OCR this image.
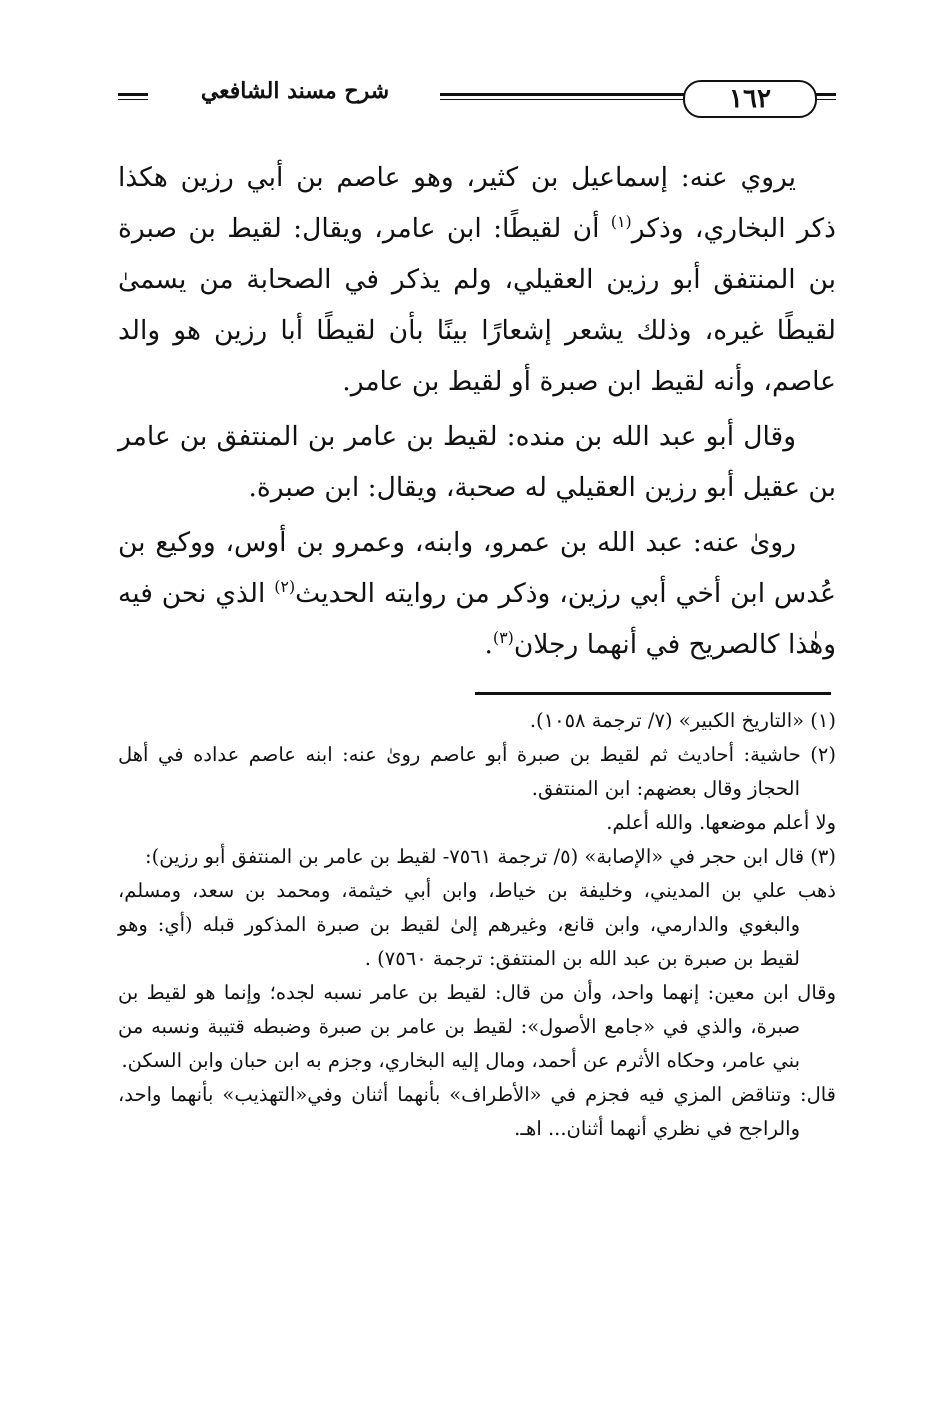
شرح مسند الشافعي	١٦٢

يروي عنه: إسماعيل بن كثير، وهو عاصم بن أبي رزين هكذا ذكر البخاري، وذكر$^{(١)}$ أن لقيطًا: ابن عامر، ويقال: لقيط بن صبرة بن المنتفق أبو رزين العقيلي، ولم يذكر في الصحابة من يسمىٰ لقيطًا غيره، وذلك يشعر إشعارًا بينًا بأن لقيطًا أبا رزين هو والد عاصم، وأنه لقيط ابن صبرة أو لقيط بن عامر.

وقال أبو عبد الله بن منده: لقيط بن عامر بن المنتفق بن عامر بن عقيل أبو رزين العقيلي له صحبة، ويقال: ابن صبرة.

رویٰ عنه: عبد الله بن عمرو، وابنه، وعمرو بن أوس، ووكيع بن عُدس ابن أخي أبي رزين، وذكر من روايته الحديث$^{(٢)}$ الذي نحن فيه وهٰذا كالصريح في أنهما رجلان$^{(٣)}$.

(١) «التاريخ الكبير» (٧/ ترجمة ١٠٥٨).

(٢) حاشية: أحاديث ثم لقيط بن صبرة أبو عاصم رویٰ عنه: ابنه عاصم عداده في أهل الحجاز وقال بعضهم: ابن المنتفق.

ولا أعلم موضعها. والله أعلم.

(٣) قال ابن حجر في «الإصابة» (٥/ ترجمة ٧٥٦١- لقيط بن عامر بن المنتفق أبو رزين):

ذهب علي بن المديني، وخليفة بن خياط، وابن أبي خيثمة، ومحمد بن سعد، ومسلم، والبغوي والدارمي، وابن قانع، وغيرهم إلىٰ لقيط بن صبرة المذكور قبله (أي: وهو لقيط بن صبرة بن عبد الله بن المنتفق: ترجمة ٧٥٦٠) .

وقال ابن معين: إنهما واحد، وأن من قال: لقيط بن عامر نسبه لجده؛ وإنما هو لقيط بن صبرة، والذي في «جامع الأصول»: لقيط بن عامر بن صبرة وضبطه قتيبة ونسبه من بني عامر، وحكاه الأثرم عن أحمد، ومال إليه البخاري، وجزم به ابن حبان وابن السكن.

قال: وتناقض المزي فيه فجزم في «الأطراف» بأنهما أثنان وفي«التهذيب» بأنهما واحد، والراجح في نظري أنهما أثنان... اهـ.
